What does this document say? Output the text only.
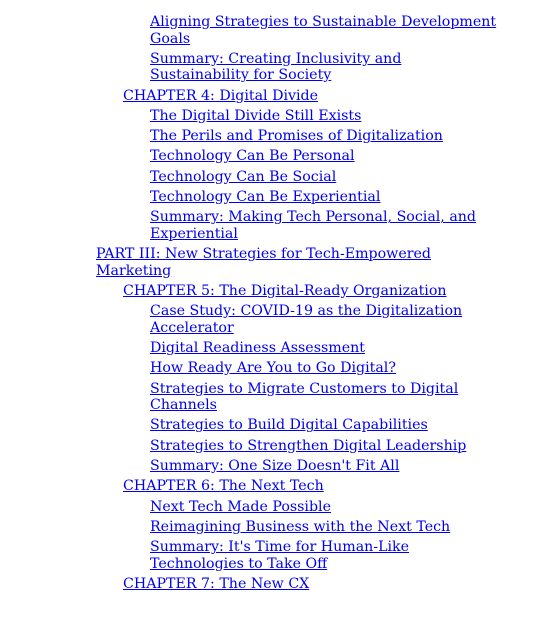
Aligning Strategies to Sustainable Development Goals
Summary: Creating Inclusivity and Sustainability for Society
CHAPTER 4: Digital Divide
The Digital Divide Still Exists
The Perils and Promises of Digitalization
Technology Can Be Personal
Technology Can Be Social
Technology Can Be Experiential
Summary: Making Tech Personal, Social, and Experiential
PART III: New Strategies for Tech-Empowered Marketing
CHAPTER 5: The Digital-Ready Organization
Case Study: COVID-19 as the Digitalization Accelerator
Digital Readiness Assessment
How Ready Are You to Go Digital?
Strategies to Migrate Customers to Digital Channels
Strategies to Build Digital Capabilities
Strategies to Strengthen Digital Leadership
Summary: One Size Doesn't Fit All
CHAPTER 6: The Next Tech
Next Tech Made Possible
Reimagining Business with the Next Tech
Summary: It's Time for Human-Like Technologies to Take Off
CHAPTER 7: The New CX
